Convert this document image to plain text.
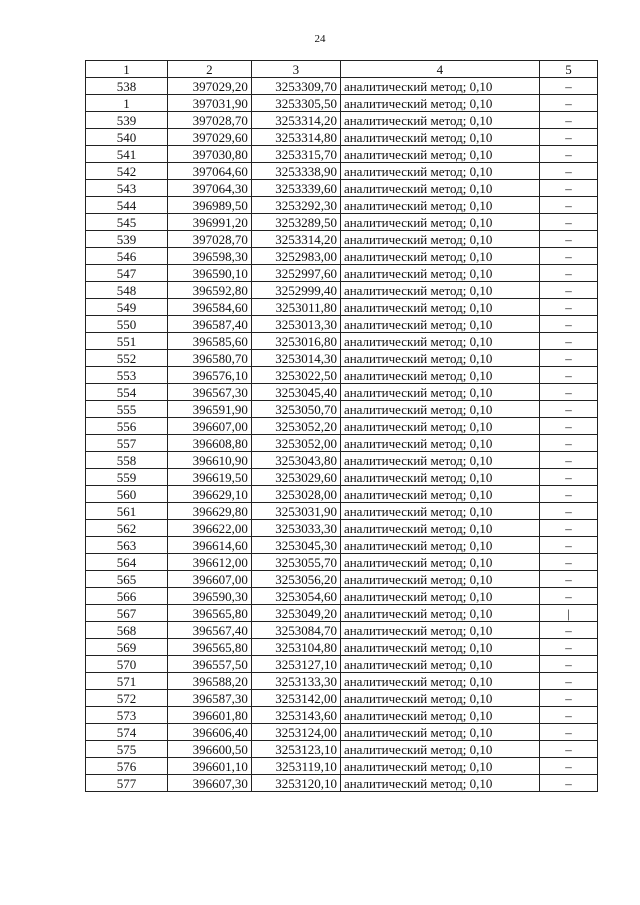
24
1	2	3	4	5
538	397029,20	3253309,70	аналитический метод; 0,10	–
1	397031,90	3253305,50	аналитический метод; 0,10	–
539	397028,70	3253314,20	аналитический метод; 0,10	–
540	397029,60	3253314,80	аналитический метод; 0,10	–
541	397030,80	3253315,70	аналитический метод; 0,10	–
542	397064,60	3253338,90	аналитический метод; 0,10	–
543	397064,30	3253339,60	аналитический метод; 0,10	–
544	396989,50	3253292,30	аналитический метод; 0,10	–
545	396991,20	3253289,50	аналитический метод; 0,10	–
539	397028,70	3253314,20	аналитический метод; 0,10	–
546	396598,30	3252983,00	аналитический метод; 0,10	–
547	396590,10	3252997,60	аналитический метод; 0,10	–
548	396592,80	3252999,40	аналитический метод; 0,10	–
549	396584,60	3253011,80	аналитический метод; 0,10	–
550	396587,40	3253013,30	аналитический метод; 0,10	–
551	396585,60	3253016,80	аналитический метод; 0,10	–
552	396580,70	3253014,30	аналитический метод; 0,10	–
553	396576,10	3253022,50	аналитический метод; 0,10	–
554	396567,30	3253045,40	аналитический метод; 0,10	–
555	396591,90	3253050,70	аналитический метод; 0,10	–
556	396607,00	3253052,20	аналитический метод; 0,10	–
557	396608,80	3253052,00	аналитический метод; 0,10	–
558	396610,90	3253043,80	аналитический метод; 0,10	–
559	396619,50	3253029,60	аналитический метод; 0,10	–
560	396629,10	3253028,00	аналитический метод; 0,10	–
561	396629,80	3253031,90	аналитический метод; 0,10	–
562	396622,00	3253033,30	аналитический метод; 0,10	–
563	396614,60	3253045,30	аналитический метод; 0,10	–
564	396612,00	3253055,70	аналитический метод; 0,10	–
565	396607,00	3253056,20	аналитический метод; 0,10	–
566	396590,30	3253054,60	аналитический метод; 0,10	–
567	396565,80	3253049,20	аналитический метод; 0,10	|
568	396567,40	3253084,70	аналитический метод; 0,10	–
569	396565,80	3253104,80	аналитический метод; 0,10	–
570	396557,50	3253127,10	аналитический метод; 0,10	–
571	396588,20	3253133,30	аналитический метод; 0,10	–
572	396587,30	3253142,00	аналитический метод; 0,10	–
573	396601,80	3253143,60	аналитический метод; 0,10	–
574	396606,40	3253124,00	аналитический метод; 0,10	–
575	396600,50	3253123,10	аналитический метод; 0,10	–
576	396601,10	3253119,10	аналитический метод; 0,10	–
577	396607,30	3253120,10	аналитический метод; 0,10	–
